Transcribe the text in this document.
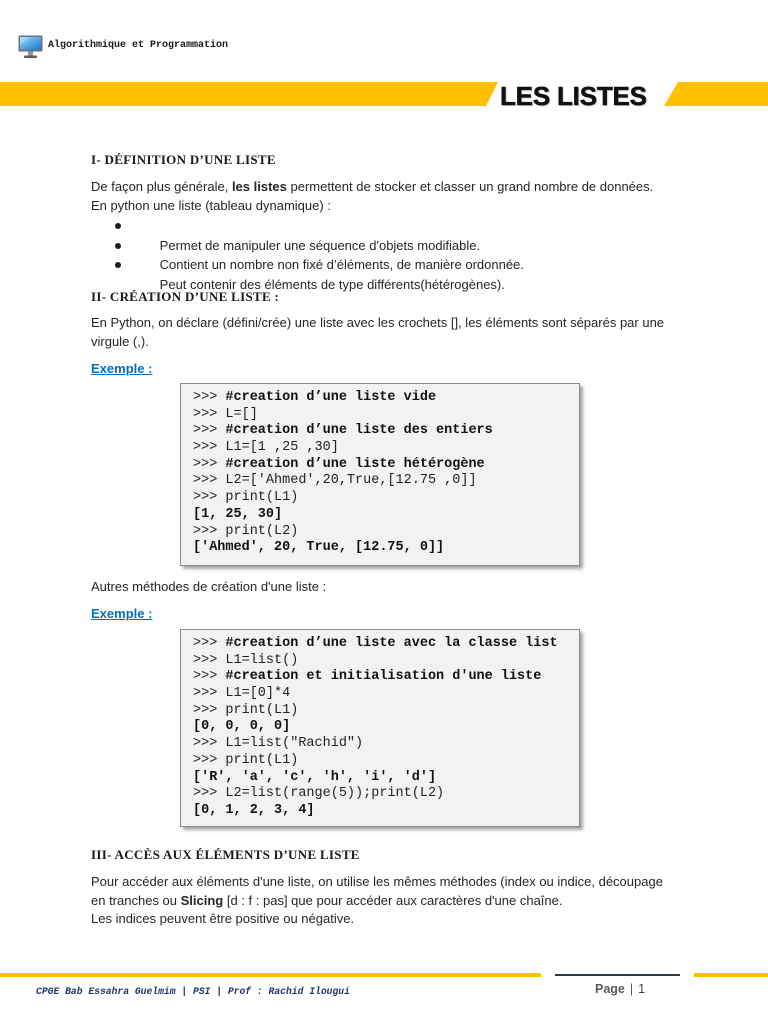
Algorithmique et Programmation
LES LISTES
I- DÉFINITION D’UNE LISTE
De façon plus générale, les listes permettent de stocker et classer un grand nombre de données.
En python une liste (tableau dynamique) :

Permet de manipuler une séquence d'objets modifiable.

Contient un nombre non fixé d’éléments, de manière ordonnée.

Peut contenir des éléments de type différents(hétérogènes).

II- CRÉATION D’UNE LISTE :
En Python, on déclare (défini/crée) une liste avec les crochets [], les éléments sont séparés par une
virgule (,).
Exemple :
>>> #creation d’une liste vide
>>> L=[]
>>> #creation d’une liste des entiers
>>> L1=[1 ,25 ,30]
>>> #creation d’une liste hétérogène
>>> L2=['Ahmed',20,True,[12.75 ,0]]
>>> print(L1)
[1, 25, 30]
>>> print(L2)
['Ahmed', 20, True, [12.75, 0]]
Autres méthodes de création d'une liste :
Exemple :
>>> #creation d’une liste avec la classe list
>>> L1=list()
>>> #creation et initialisation d'une liste
>>> L1=[0]*4
>>> print(L1)
[0, 0, 0, 0]
>>> L1=list("Rachid")
>>> print(L1)
['R', 'a', 'c', 'h', 'i', 'd']
>>> L2=list(range(5));print(L2)
[0, 1, 2, 3, 4]
III- ACCÈS AUX ÉLÉMENTS D’UNE LISTE
Pour accéder aux éléments d'une liste, on utilise les mêmes méthodes (index ou indice, découpage
en tranches ou Slicing [d : f : pas] que pour accéder aux caractères d'une chaîne.
Les indices peuvent être positive ou négative.
CPGE Bab Essahra Guelmim | PSI | Prof : Rachid Ilougui	Page | 1
